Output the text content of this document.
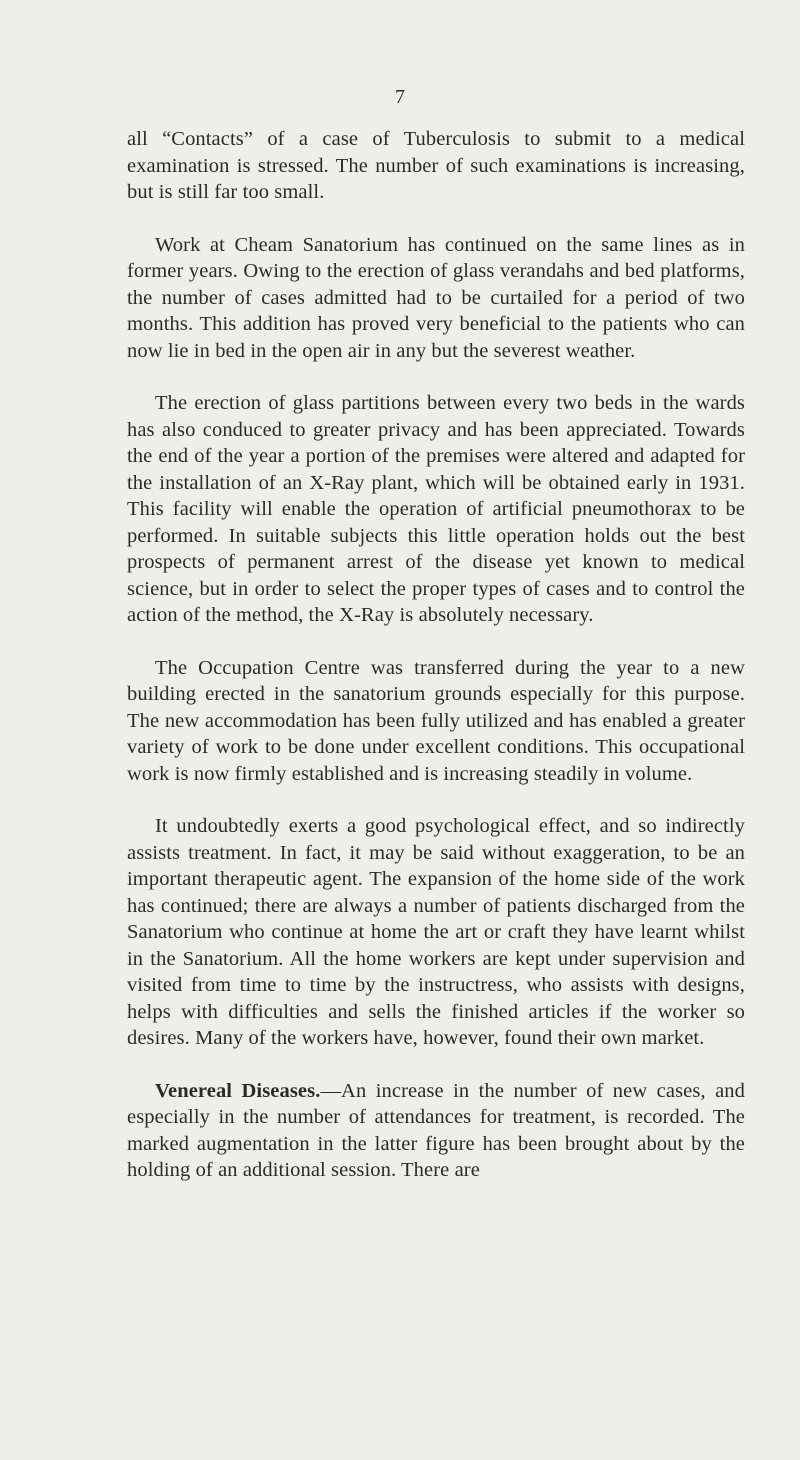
7

all “Contacts” of a case of Tuberculosis to submit to a medical examination is stressed. The number of such examinations is increasing, but is still far too small.

Work at Cheam Sanatorium has continued on the same lines as in former years. Owing to the erection of glass verandahs and bed platforms, the number of cases admitted had to be curtailed for a period of two months. This addition has proved very beneficial to the patients who can now lie in bed in the open air in any but the severest weather.

The erection of glass partitions between every two beds in the wards has also conduced to greater privacy and has been appreciated. Towards the end of the year a portion of the premises were altered and adapted for the installation of an X-Ray plant, which will be obtained early in 1931. This facility will enable the operation of artificial pneumothorax to be performed. In suitable subjects this little operation holds out the best prospects of permanent arrest of the disease yet known to medical science, but in order to select the proper types of cases and to control the action of the method, the X-Ray is absolutely necessary.

The Occupation Centre was transferred during the year to a new building erected in the sanatorium grounds especially for this purpose. The new accommodation has been fully utilized and has enabled a greater variety of work to be done under excellent conditions. This occupational work is now firmly established and is increasing steadily in volume.

It undoubtedly exerts a good psychological effect, and so indirectly assists treatment. In fact, it may be said without exaggeration, to be an important therapeutic agent. The expansion of the home side of the work has continued; there are always a number of patients discharged from the Sanatorium who continue at home the art or craft they have learnt whilst in the Sanatorium. All the home workers are kept under supervision and visited from time to time by the instructress, who assists with designs, helps with difficulties and sells the finished articles if the worker so desires. Many of the workers have, however, found their own market.

Venereal Diseases.—An increase in the number of new cases, and especially in the number of attendances for treatment, is recorded. The marked augmentation in the latter figure has been brought about by the holding of an additional session. There are
